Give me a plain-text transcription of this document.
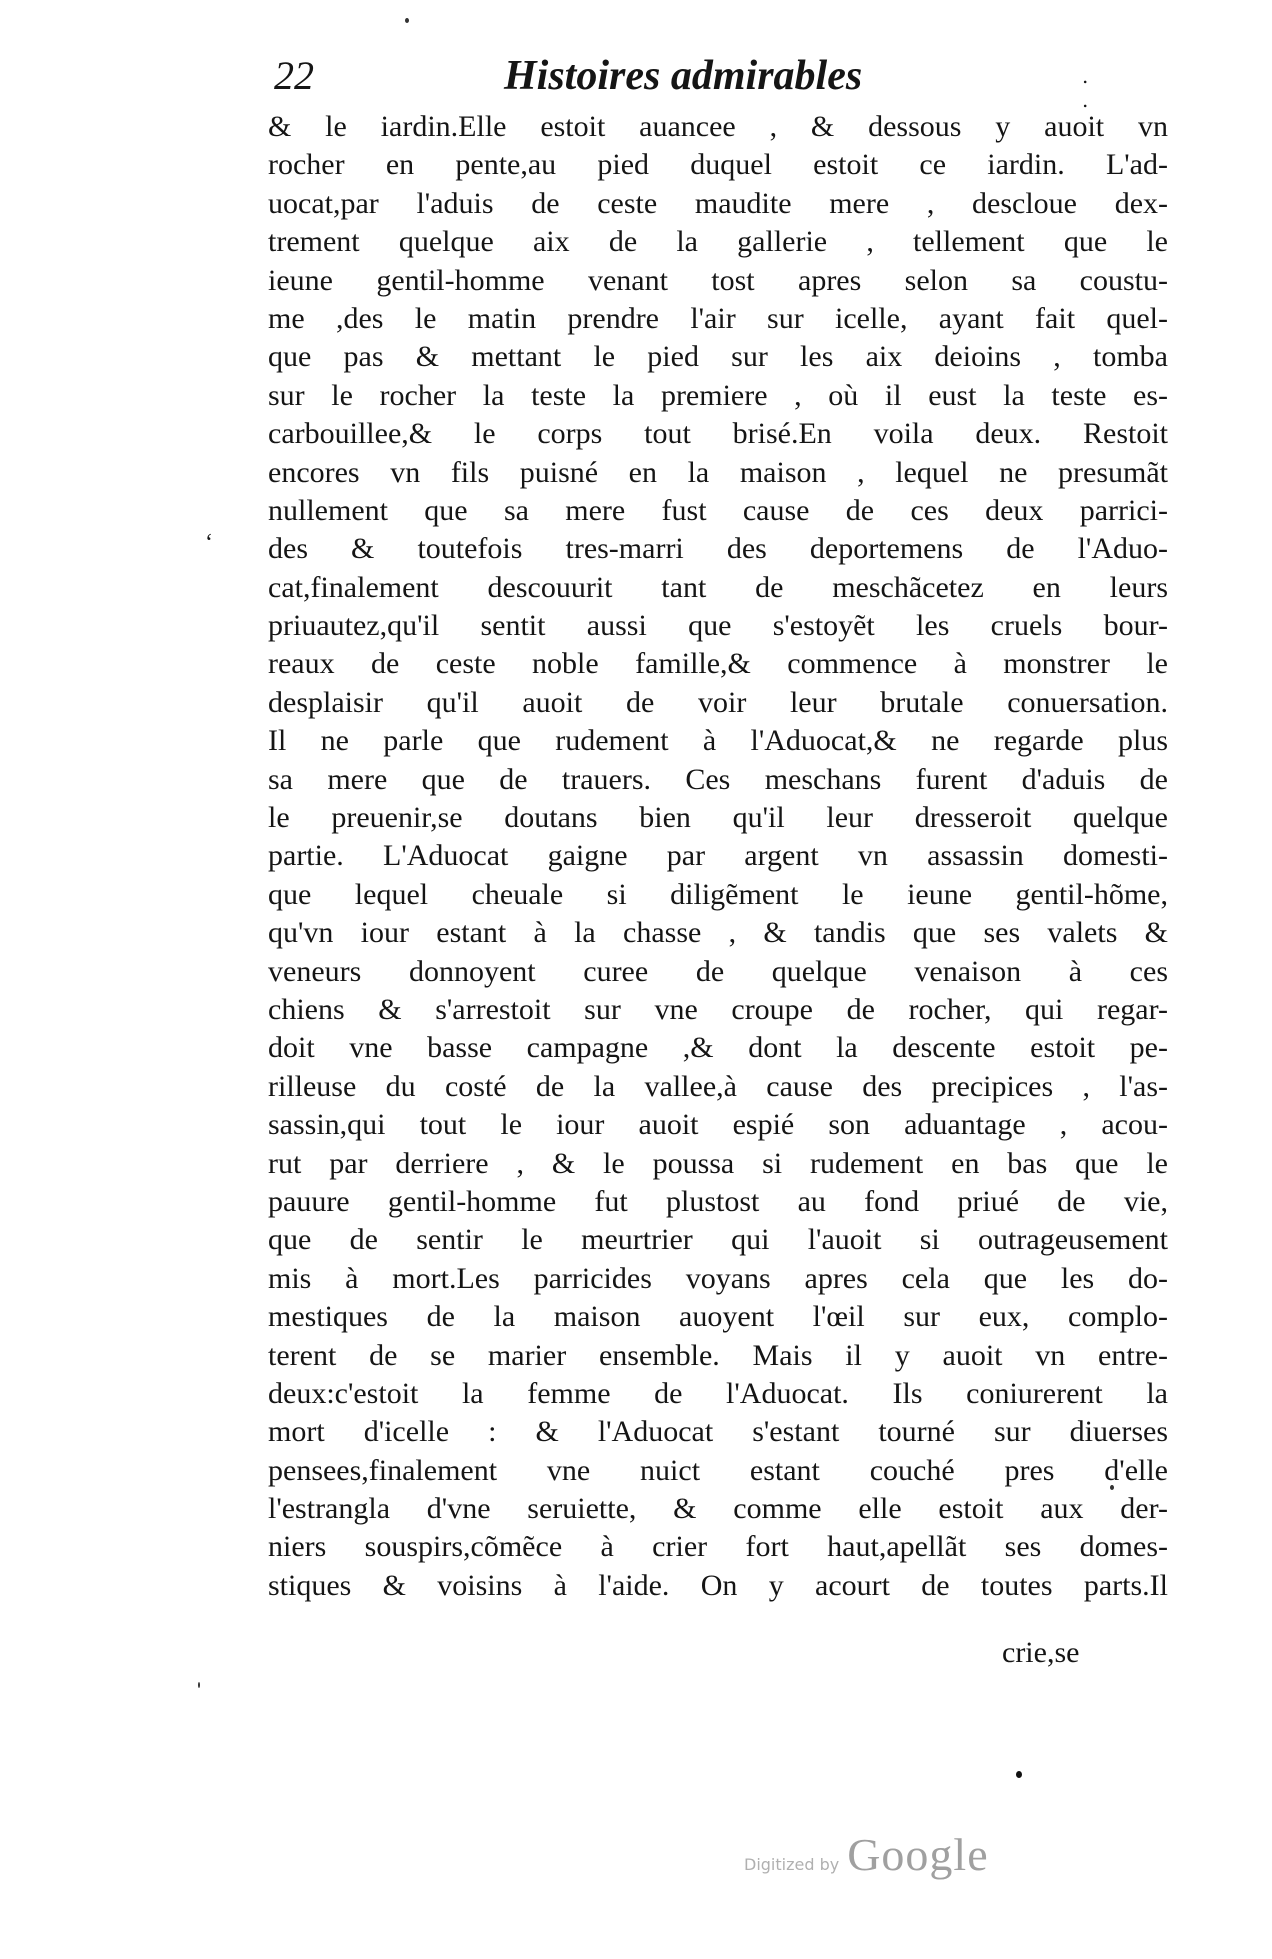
22	Histoires admirables	. .
‘
& le iardin.Elle estoit auancee , & dessous y auoit vn
rocher en pente,au pied duquel estoit ce iardin. L'ad-
uocat,par l'aduis de ceste maudite mere , descloue dex-
trement quelque aix de la gallerie , tellement que le
ieune gentil-homme venant tost apres selon sa coustu-
me ,des le matin prendre l'air sur icelle, ayant fait quel-
que pas & mettant le pied sur les aix deioins , tomba
sur le rocher la teste la premiere , où il eust la teste es-
carbouillee,& le corps tout brisé.En voila deux. Restoit
encores vn fils puisné en la maison , lequel ne presumãt
nullement que sa mere fust cause de ces deux parrici-
des & toutefois tres-marri des deportemens de l'Aduo-
cat,finalement descouurit tant de meschãcetez en leurs
priuautez,qu'il sentit aussi que s'estoyẽt les cruels bour-
reaux de ceste noble famille,& commence à monstrer le
desplaisir qu'il auoit de voir leur brutale conuersation.
Il ne parle que rudement à l'Aduocat,& ne regarde plus
sa mere que de trauers. Ces meschans furent d'aduis de
le preuenir,se doutans bien qu'il leur dresseroit quelque
partie. L'Aduocat gaigne par argent vn assassin domesti-
que lequel cheuale si diligẽment le ieune gentil-hõme,
qu'vn iour estant à la chasse , & tandis que ses valets &
veneurs donnoyent curee de quelque venaison à ces
chiens & s'arrestoit sur vne croupe de rocher, qui regar-
doit vne basse campagne ,& dont la descente estoit pe-
rilleuse du costé de la vallee,à cause des precipices , l'as-
sassin,qui tout le iour auoit espié son aduantage , acou-
rut par derriere , & le poussa si rudement en bas que le
pauure gentil-homme fut plustost au fond priué de vie,
que de sentir le meurtrier qui l'auoit si outrageusement
mis à mort.Les parricides voyans apres cela que les do-
mestiques de la maison auoyent l'œil sur eux, complo-
terent de se marier ensemble. Mais il y auoit vn entre-
deux:c'estoit la femme de l'Aduocat. Ils coniurerent la
mort d'icelle : & l'Aduocat s'estant tourné sur diuerses
pensees,finalement vne nuict estant couché pres d'elle
l'estrangla d'vne seruiette, & comme elle estoit aux der-
niers souspirs,cõmẽce à crier fort haut,apellãt ses domes-
stiques & voisins à l'aide. On y acourt de toutes parts.Il
crie,se
Digitized by Google
